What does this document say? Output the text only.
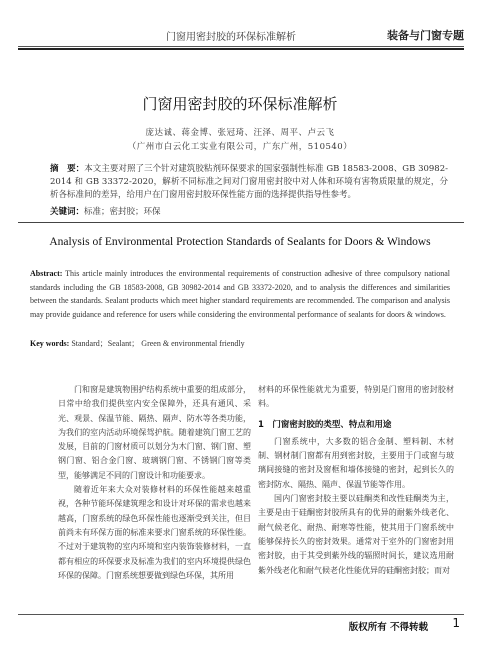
门窗用密封胶的环保标准解析	装备与门窗专题
门窗用密封胶的环保标准解析
庞达诚、蒋金博、张冠琦、汪泽、周平、卢云飞
（广州市白云化工实业有限公司，广东广州，510540）
摘　要：本文主要对照了三个针对建筑胶粘剂环保要求的国家强制性标准 GB 18583-2008、GB 30982-2014 和 GB 33372-2020，解析不同标准之间对门窗用密封胶中对人体和环境有害物质限量的规定，分析各标准间的差异，给用户在门窗用密封胶环保性能方面的选择提供指导性参考。
关键词：标准；密封胶；环保
Analysis of Environmental Protection Standards of Sealants for Doors & Windows
Abstract: This article mainly introduces the environmental requirements of construction adhesive of three compulsory national standards including the GB 18583-2008, GB 30982-2014 and GB 33372-2020, and to analysis the differences and similarities between the standards. Sealant products which meet higher standard requirements are recommended. The comparison and analysis may provide guidance and reference for users while considering the environmental performance of sealants for doors & windows.
Key words: Standard；Sealant； Green & environmental friendly

门和窗是建筑物围护结构系统中重要的组成部分，日常中给我们提供室内安全保障外，还具有通风、采光、观景、保温节能、隔热、隔声、防水等各类功能，为我们的室内活动环境保驾护航。随着建筑门窗工艺的发展，目前的门窗材质可以划分为木门窗、钢门窗、塑钢门窗、铝合金门窗、玻璃钢门窗、不锈钢门窗等类型，能够满足不同的门窗设计和功能要求。

随着近年来大众对装修材料的环保性能越来越重视，各种节能环保建筑理念和设计对环保的需求也越来越高，门窗系统的绿色环保性能也逐渐受到关注，但目前尚未有环保方面的标准来要求门窗系统的环保性能。不过对于建筑物的室内环境和室内装饰装修材料，一直都有相应的环保要求及标准为我们的室内环境提供绿色环保的保障。门窗系统想要做到绿色环保，其所用

材料的环保性能就尤为重要，特别是门窗用的密封胶材料。

1　门窗密封胶的类型、特点和用途

门窗系统中，大多数的铝合金制、塑料制、木材制、钢材制门窗都有用到密封胶，主要用于门或窗与玻璃间接缝的密封及窗框和墙体接缝的密封，起到长久的密封防水、隔热、隔声、保温节能等作用。

国内门窗密封胶主要以硅酮类和改性硅酮类为主，主要是由于硅酮密封胶所具有的优异的耐紫外线老化、耐气候老化、耐热、耐寒等性能，使其用于门窗系统中能够保持长久的密封效果。通常对于室外的门窗密封用密封胶，由于其受到紫外线的辐照时间长，建议选用耐紫外线老化和耐气候老化性能优异的硅酮密封胶；而对

版权所有 不得转载 1
